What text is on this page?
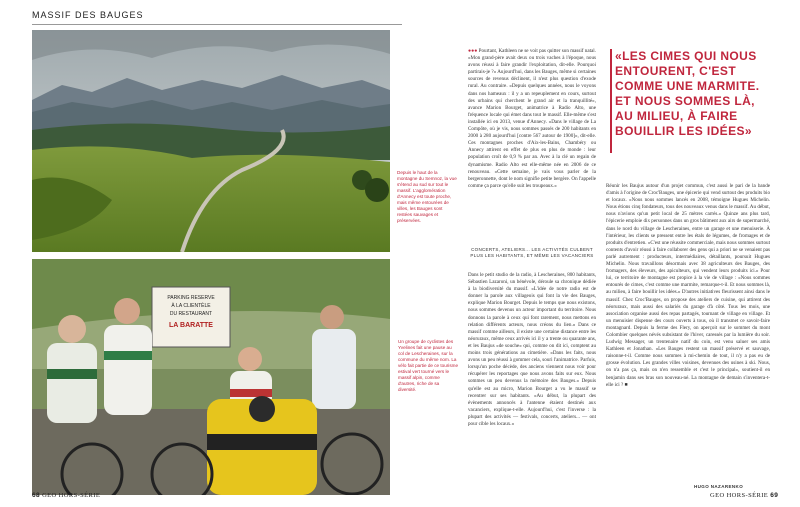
MASSIF DES BAUGES
PARKING RESERVE
À LA CLIENTÈLE
DU RESTAURANT
LA BARATTE
Depuis le haut de la montagne du Semnoz, la vue s'étend au sud sur tout le massif. L'agglomération d'Annecy est toute proche, mais même entourées de villes, les Bauges sont restées sauvages et préservées.
Un groupe de cyclistes des Yvelines fait une pause au col de Lescheraines, sur la commune du même nom. La vélo fait partie de ce tourisme estival vert tourné vers le massif alpin, comme d'autres, riche de sa diversité.
●●● Pourtant, Kathleen ne se voit pas quitter son massif natal. «Mon grand-père avait deux ou trois vaches à l'époque, nous avons réussi à faire grandir l'exploitation, dit-elle. Pourquoi partirais-je ?» Aujourd'hui, dans les Bauges, même si certaines sources de revenus déclinent, il n'est plus question d'exode rural. Au contraire. «Depuis quelques années, nous le voyons dans nos hameaux : il y a un repeuplement en cours, surtout des urbains qui cherchent le grand air et la tranquillité», avance Marion Bourget, animatrice à Radio Alto, une fréquence locale qui émet dans tout le massif. Elle-même s'est installée ici en 2013, venue d'Annecy. «Dans le village de La Compôte, où je vis, nous sommes passés de 200 habitants en 2000 à 280 aujourd'hui [contre 567 autour de 1900]», dit-elle. Ces montagnes proches d'Aix-les-Bains, Chambéry ou Annecy attirent en effet de plus en plus de monde : leur population croît de 0,9 % par an. Avec à la clé un regain de dynamisme. Radio Alto est elle-même née en 2006 de ce renouveau. «Cette semaine, je vais vous parler de la bergeronnette, dont le nom signifie petite bergère. On l'appelle comme ça parce qu'elle suit les troupeaux.»
CONCERTS, ATELIERS... LES ACTIVITÉS CULBENT PLUS LES HABITANTS, ET MÊME LES VACANCIERS
Dans le petit studio de la radio, à Lescheraines, 800 habitants, Sébastien Lazaroni, un bénévole, déroule sa chronique dédiée à la biodiversité du massif. «L'idée de notre radio est de donner la parole aux villageois qui font la vie des Bauges, explique Marion Bourget. Depuis le temps que nous existons, nous sommes devenus un acteur important du territoire. Nous donnons la parole à ceux qui font rarement, nous mettons en relation différents acteurs, nous créons du lien.» Dans ce massif comme ailleurs, il existe une certaine distance entre les néoruraux, même ceux arrivés ici il y a trente ou quarante ans, et les Baujus «de souche» qui, comme on dit ici, comptent au moins trois générations au cimetière. «Dans les faits, nous avons un peu réussi à gommer cela, souri l'animatrice. Parfois, lorsqu'un poche décède, des anciens viennent nous voir pour récupérer les reportages que nous avons faits sur eux. Nous sommes un peu devenus la mémoire des Bauges.» Depuis qu'elle est au micro, Marion Bourget a vu le massif se recentrer sur ses habitants. «Au début, la plupart des évènements annoncés à l'antenne étaient destinés aux vacanciers, explique-t-elle. Aujourd'hui, c'est l'inverse : la plupart des activités — festivals, concerts, ateliers... — ont pour cible les locaux.»
«LES CIMES QUI NOUS ENTOURENT, C'EST COMME UNE MARMITE. ET NOUS SOMMES LÀ, AU MILIEU, À FAIRE BOUILLIR LES IDÉES»
Réunir les Baujus autour d'un projet commun, c'est aussi le pari de la bande d'amis à l'origine de Croc'Bauges, une épicerie qui vend surtout des produits bio et locaux. «Nous nous sommes lancés en 2008, témoigne Hugues Michelin. Nous étions cinq fondateurs, tous des nouveaux venus dans le massif. Au début, nous n'avions qu'un petit local de 25 mètres carrés.» Quinze ans plus tard, l'épicerie emploie dix personnes dans un gros bâtiment aux airs de supermarché, dans le nord du village de Lescheraines, entre un garage et une menuiserie. À l'intérieur, les clients se pressent entre les étals de légumes, de fromages et de produits d'entretien. «C'est une réussite commerciale, mais nous sommes surtout contents d'avoir réussi à faire collaborer des gens qui a priori ne se venaient pas parlé autrement : producteurs, intermédiaires, détaillants, poursuit Hugues Michelin. Nous travaillons désormais avec 38 agriculteurs des Bauges, des fromagers, des éleveurs, des apiculteurs, qui vendent leurs produits ici.» Pour lui, ce territoire de montagne est propice à la vie de village : «Nous sommes entourés de cimes, c'est comme une marmite, remarque-t-il. Et nous sommes là, au milieu, à faire bouillir les idées.» D'autres initiatives fleurissent ainsi dans le massif. Chez Croc'Bauges, on propose des ateliers de cuisine, qui attirent des néoruraux, mais aussi des salariés du garage d'à côté. Tous les mois, une association organise aussi des repas partagés, tournant de village en village. Et un menuisier dispense des cours ouverts à tous, où il transmet ce savoir-faire montagnard. Depuis la ferme des Flery, on aperçoit sur le sommet du mont Colombier quelques névés subsistant de l'hiver, caressés par la lumière du soir. Ludwig Messager, un trentenaire natif du coin, est venu saluer ses amis Kathleen et Jonathan. «Les Bauges restent un massif préservé et sauvage, raisonne-t-il. Comme nous sommes à mi-chemin de tout, il n'y a pas eu de grosse évolution. Les grandes villes voisines, devenues des usines à ski. Nous, on n'a pas ça, mais on n'en ressemble et c'est le principal», soutient-il en benjamin dans ses bras son nouveau-né. La montagne de demain s'inventera-t-elle ici ? ■
HUGO NAZARENKO
68 GEO HORS-SÉRIE	GEO HORS-SÉRIE 69
